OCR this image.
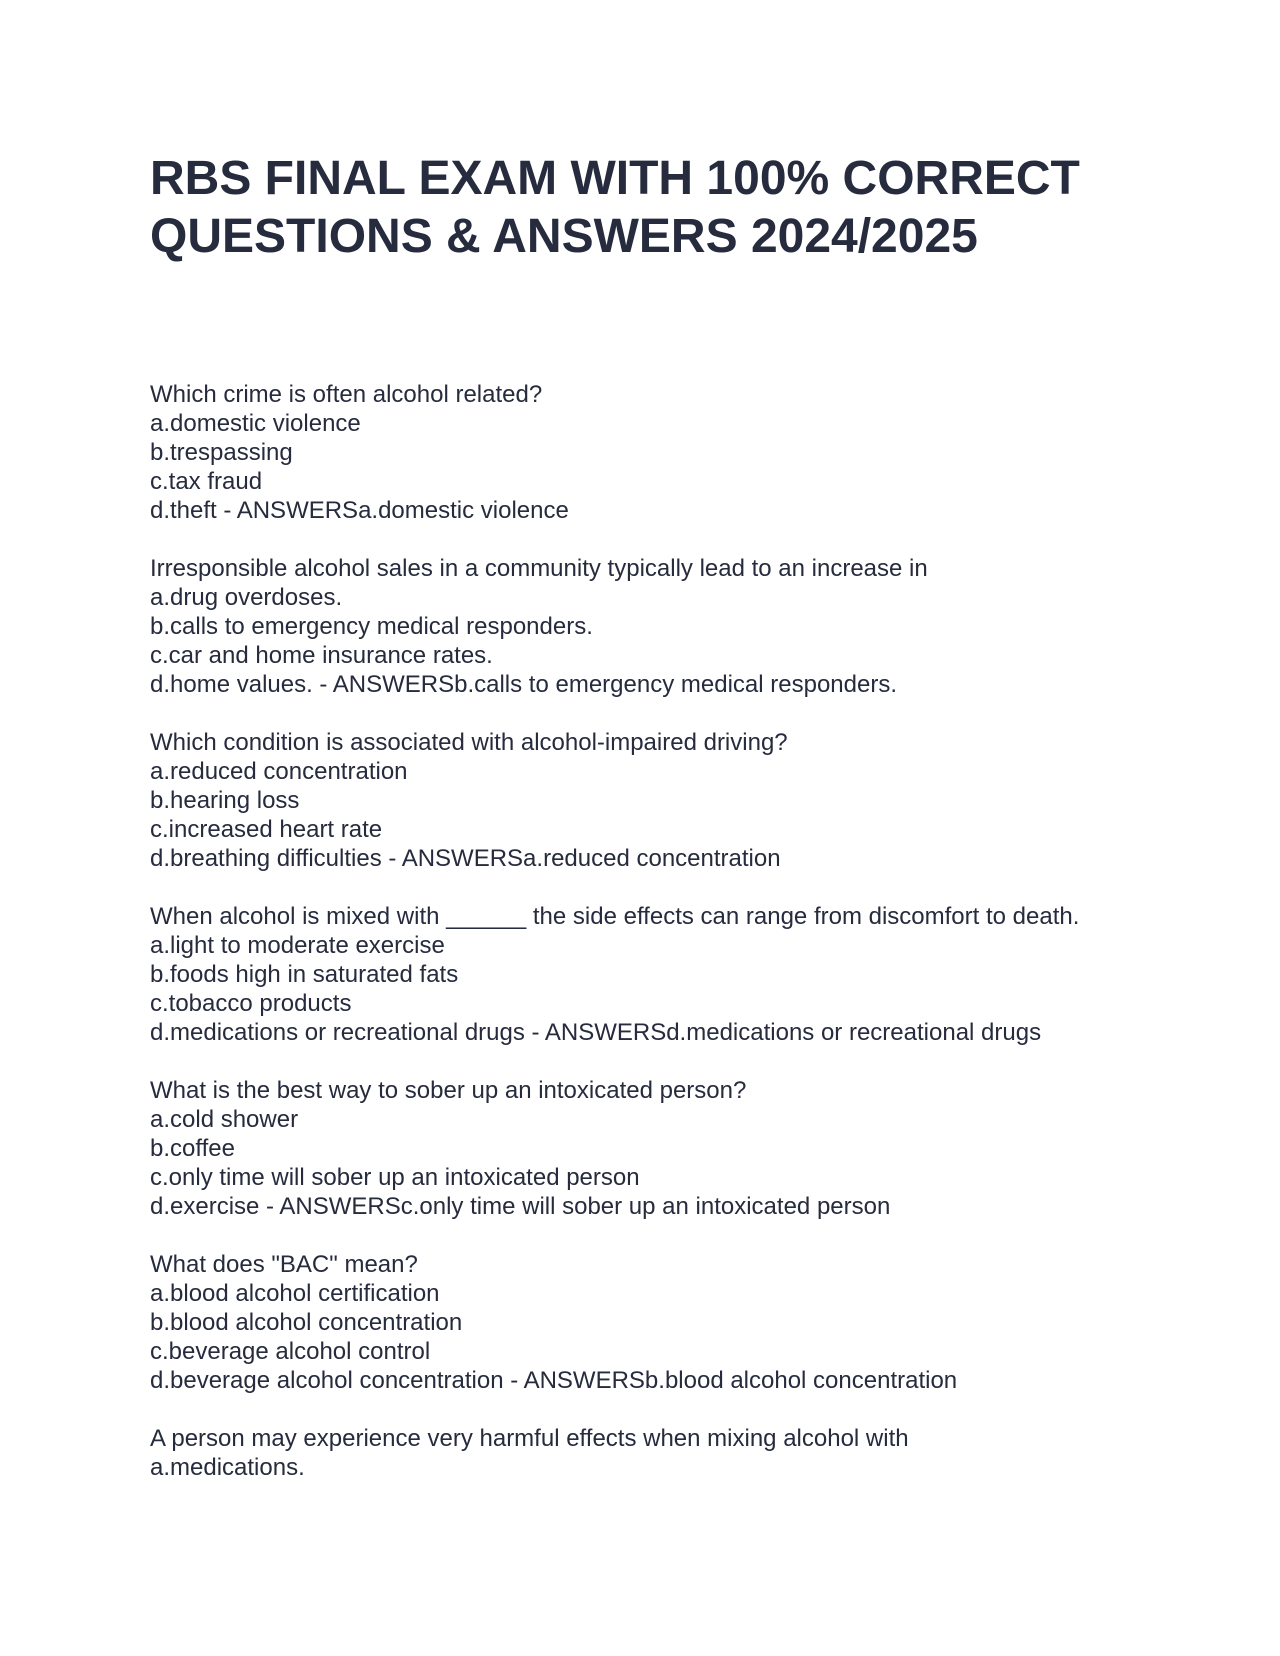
RBS FINAL EXAM WITH 100% CORRECT
QUESTIONS & ANSWERS 2024/2025
Which crime is often alcohol related?
a.domestic violence
b.trespassing
c.tax fraud
d.theft - ANSWERSa.domestic violence
Irresponsible alcohol sales in a community typically lead to an increase in
a.drug overdoses.
b.calls to emergency medical responders.
c.car and home insurance rates.
d.home values. - ANSWERSb.calls to emergency medical responders.
Which condition is associated with alcohol-impaired driving?
a.reduced concentration
b.hearing loss
c.increased heart rate
d.breathing difficulties - ANSWERSa.reduced concentration
When alcohol is mixed with ______ the side effects can range from discomfort to death.
a.light to moderate exercise
b.foods high in saturated fats
c.tobacco products
d.medications or recreational drugs - ANSWERSd.medications or recreational drugs
What is the best way to sober up an intoxicated person?
a.cold shower
b.coffee
c.only time will sober up an intoxicated person
d.exercise - ANSWERSc.only time will sober up an intoxicated person
What does "BAC" mean?
a.blood alcohol certification
b.blood alcohol concentration
c.beverage alcohol control
d.beverage alcohol concentration - ANSWERSb.blood alcohol concentration
A person may experience very harmful effects when mixing alcohol with
a.medications.
